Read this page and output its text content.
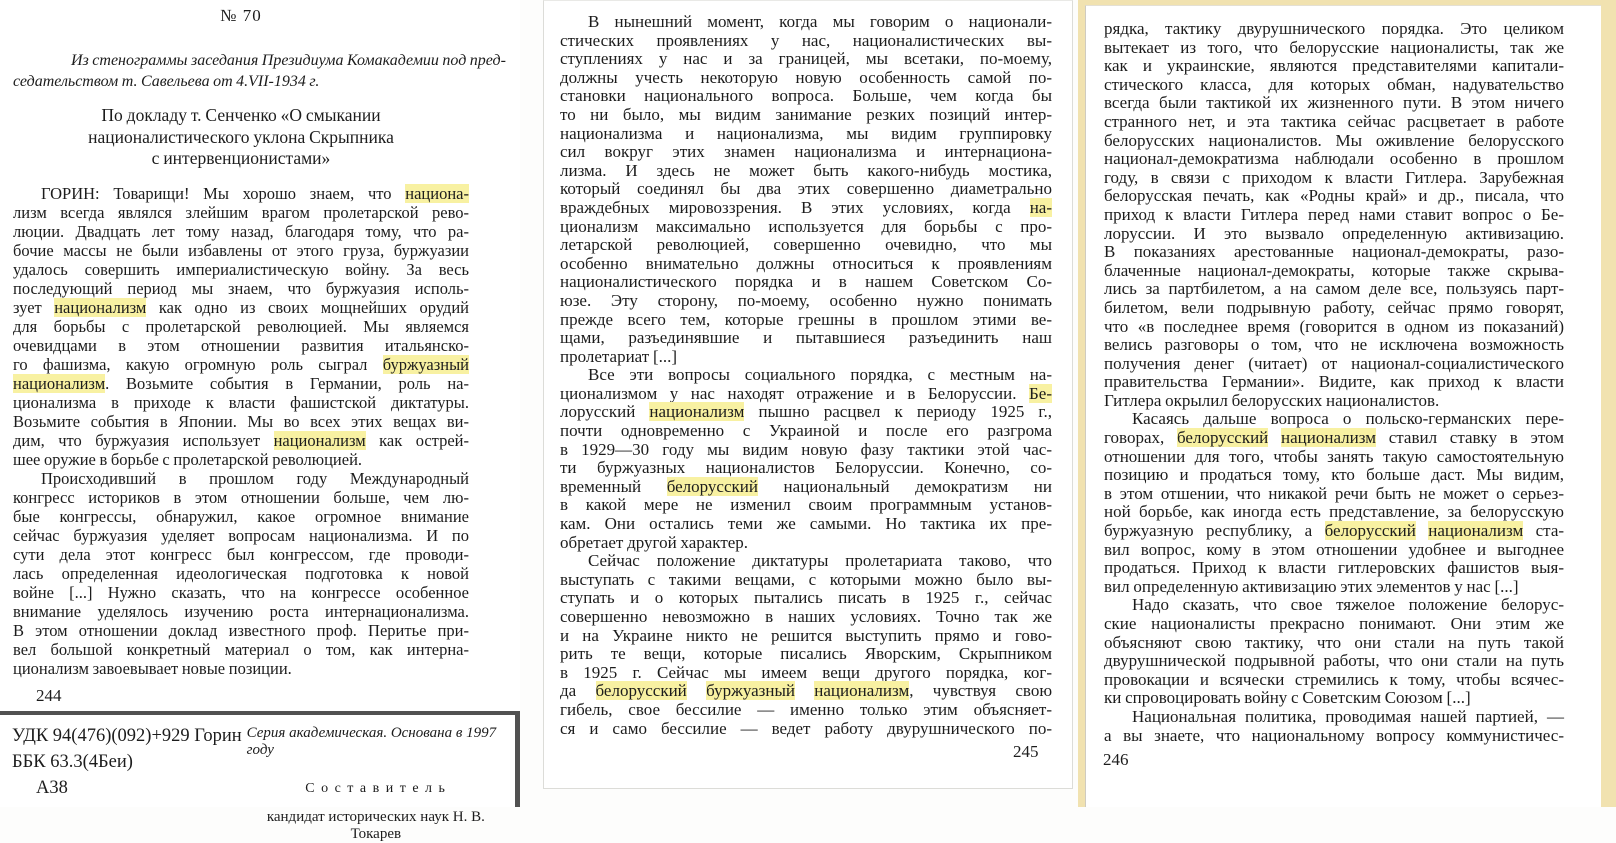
№ 70
Из стенограммы заседания Президиума Комакадемии под пред-
седательством т. Савельева от 4.VII-1934 г.
По докладу т. Сенченко «О смыкании
националистического уклона Скрыпника
с интервенционистами»
ГОРИН: Товарищи! Мы хорошо знаем, что национа-
лизм всегда являлся злейшим врагом пролетарской рево-
люции. Двадцать лет тому назад, благодаря тому, что ра-
бочие массы не были избавлены от этого груза, буржуазии
удалось совершить империалистическую войну. За весь
последующий период мы знаем, что буржуазия исполь-
зует национализм как одно из своих мощнейших орудий
для борьбы с пролетарской революцией. Мы являемся
очевидцами в этом отношении развития итальянско-
го фашизма, какую огромную роль сыграл буржуазный
национализм. Возьмите события в Германии, роль на-
ционализма в приходе к власти фашистской диктатуры.
Возьмите события в Японии. Мы во всех этих вещах ви-
дим, что буржуазия использует национализм как острей-
шее оружие в борьбе с пролетарской революцией.
Происходивший в прошлом году Международный
конгресс историков в этом отношении больше, чем лю-
бые конгрессы, обнаружил, какое огромное внимание
сейчас буржуазия уделяет вопросам национализма. И по
сути дела этот конгресс был конгрессом, где проводи-
лась определенная идеологическая подготовка к новой
войне [...] Нужно сказать, что на конгрессе особенное
внимание уделялось изучению роста интернационализма.
В этом отношении доклад известного проф. Перитье при-
вел большой конкретный материал о том, как интерна-
ционализм завоевывает новые позиции.
244
В нынешний момент, когда мы говорим о национали-
стических проявлениях у нас, националистических вы-
ступлениях у нас и за границей, мы всетаки, по-моему,
должны учесть некоторую новую особенность самой по-
становки национального вопроса. Больше, чем когда бы
то ни было, мы видим занимание резких позиций интер-
национализма и национализма, мы видим группировку
сил вокруг этих знамен национализма и интернациона-
лизма. И здесь не может быть какого-нибудь мостика,
который соединял бы два этих совершенно диаметрально
враждебных мировоззрения. В этих условиях, когда на-
ционализм максимально используется для борьбы с про-
летарской революцией, совершенно очевидно, что мы
особенно внимательно должны относиться к проявлениям
националистического порядка и в нашем Советском Со-
юзе. Эту сторону, по-моему, особенно нужно понимать
прежде всего тем, которые грешны в прошлом этими ве-
щами, разъединявшие и пытавшиеся разъединить наш
пролетариат [...]
Все эти вопросы социального порядка, с местным на-
ционализмом у нас находят отражение и в Белоруссии. Бе-
лорусский национализм пышно расцвел к периоду 1925 г.,
почти одновременно с Украиной и после его разгрома
в 1929—30 году мы видим новую фазу тактики этой час-
ти буржуазных националистов Белоруссии. Конечно, со-
временный белорусский национальный демократизм ни
в какой мере не изменил своим программным установ-
кам. Они остались теми же самыми. Но тактика их пре-
обретает другой характер.
Сейчас положение диктатуры пролетариата таково, что
выступать с такими вещами, с которыми можно было вы-
ступать и о которых пытались писать в 1925 г., сейчас
совершенно невозможно в наших условиях. Точно так же
и на Украине никто не решится выступить прямо и гово-
рить те вещи, которые писались Яворским, Скрыпником
в 1925 г. Сейчас мы имеем вещи другого порядка, ког-
да белорусский буржуазный национализм, чувствуя свою
гибель, свое бессилие — именно только этим объясняет-
ся и само бессилие — ведет работу двурушнического по-
245
рядка, тактику двурушнического порядка. Это целиком
вытекает из того, что белорусские националисты, так же
как и украинские, являются представителями капитали-
стического класса, для которых обман, надувательство
всегда были тактикой их жизненного пути. В этом ничего
странного нет, и эта тактика сейчас расцветает в работе
белорусских националистов. Мы оживление белорусского
национал-демократизма наблюдали особенно в прошлом
году, в связи с приходом к власти Гитлера. Зарубежная
белорусская печать, как «Родны край» и др., писала, что
приход к власти Гитлера перед нами ставит вопрос о Бе-
лоруссии. И это вызвало определенную активизацию.
В показаниях арестованные национал-демократы, разо-
блаченные национал-демократы, которые также скрыва-
лись за партбилетом, а на самом деле все, пользуясь парт-
билетом, вели подрывную работу, сейчас прямо говорят,
что «в последнее время (говорится в одном из показаний)
велись разговоры о том, что не исключена возможность
получения денег (читает) от национал-социалистического
правительства Германии». Видите, как приход к власти
Гитлера окрылил белорусских националистов.
Касаясь дальше вопроса о польско-германских пере-
говорах, белорусский национализм ставил ставку в этом
отношении для того, чтобы занять такую самостоятельную
позицию и продаться тому, кто больше даст. Мы видим,
в этом отшении, что никакой речи быть не может о серьез-
ной борьбе, как иногда есть представление, за белорусскую
буржуазную республику, а белорусский национализм ста-
вил вопрос, кому в этом отношении удобнее и выгоднее
продаться. Приход к власти гитлеровских фашистов выя-
вил определенную активизацию этих элементов у нас [...]
Надо сказать, что свое тяжелое положение белорус-
ские националисты прекрасно понимают. Они этим же
объясняют свою тактику, что они стали на путь такой
двурушнической подрывной работы, что они стали на путь
провокации и всячески стремились к тому, чтобы всячес-
ки спровоцировать войну с Советским Союзом [...]
Национальная политика, проводимая нашей партией, —
а вы знаете, что национальному вопросу коммунистичес-
246
УДК 94(476)(092)+929 Горин
ББК 63.3(4Беи)
А38
Серия академическая. Основана в 1997 году
С о с т а в и т е л ь
кандидат исторических наук Н. В. Токарев
